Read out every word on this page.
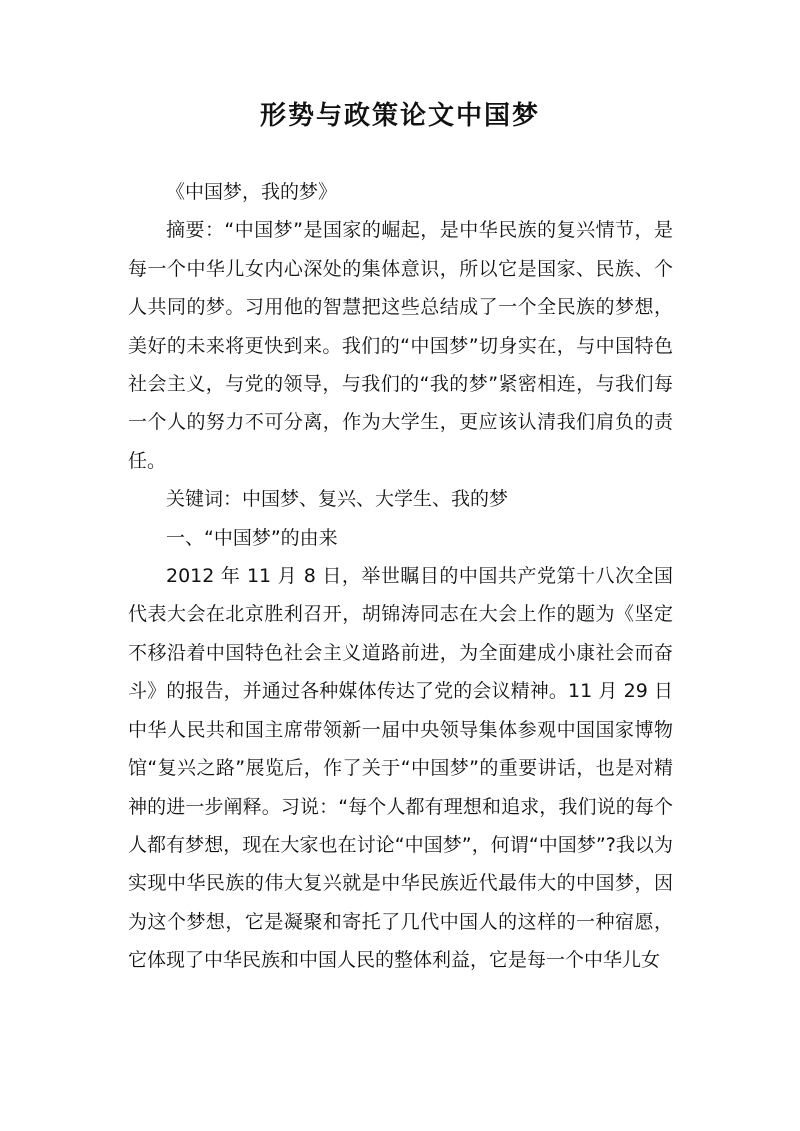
形势与政策论文中国梦

《中国梦，我的梦》

摘要：“中国梦”是国家的崛起，是中华民族的复兴情节，是每一个中华儿女内心深处的集体意识，所以它是国家、民族、个人共同的梦。习用他的智慧把这些总结成了一个全民族的梦想，美好的未来将更快到来。我们的“中国梦”切身实在，与中国特色社会主义，与党的领导，与我们的“我的梦”紧密相连，与我们每一个人的努力不可分离，作为大学生，更应该认清我们肩负的责任。

关键词：中国梦、复兴、大学生、我的梦

一、“中国梦”的由来

2012 年 11 月 8 日，举世瞩目的中国共产党第十八次全国代表大会在北京胜利召开，胡锦涛同志在大会上作的题为《坚定不移沿着中国特色社会主义道路前进，为全面建成小康社会而奋斗》的报告，并通过各种媒体传达了党的会议精神。11 月 29 日中华人民共和国主席带领新一届中央领导集体参观中国国家博物馆“复兴之路”展览后，作了关于“中国梦”的重要讲话，也是对精神的进一步阐释。习说：“每个人都有理想和追求，我们说的每个人都有梦想，现在大家也在讨论“中国梦”，何谓“中国梦”?我以为实现中华民族的伟大复兴就是中华民族近代最伟大的中国梦，因为这个梦想，它是凝聚和寄托了几代中国人的这样的一种宿愿，它体现了中华民族和中国人民的整体利益，它是每一个中华儿女
